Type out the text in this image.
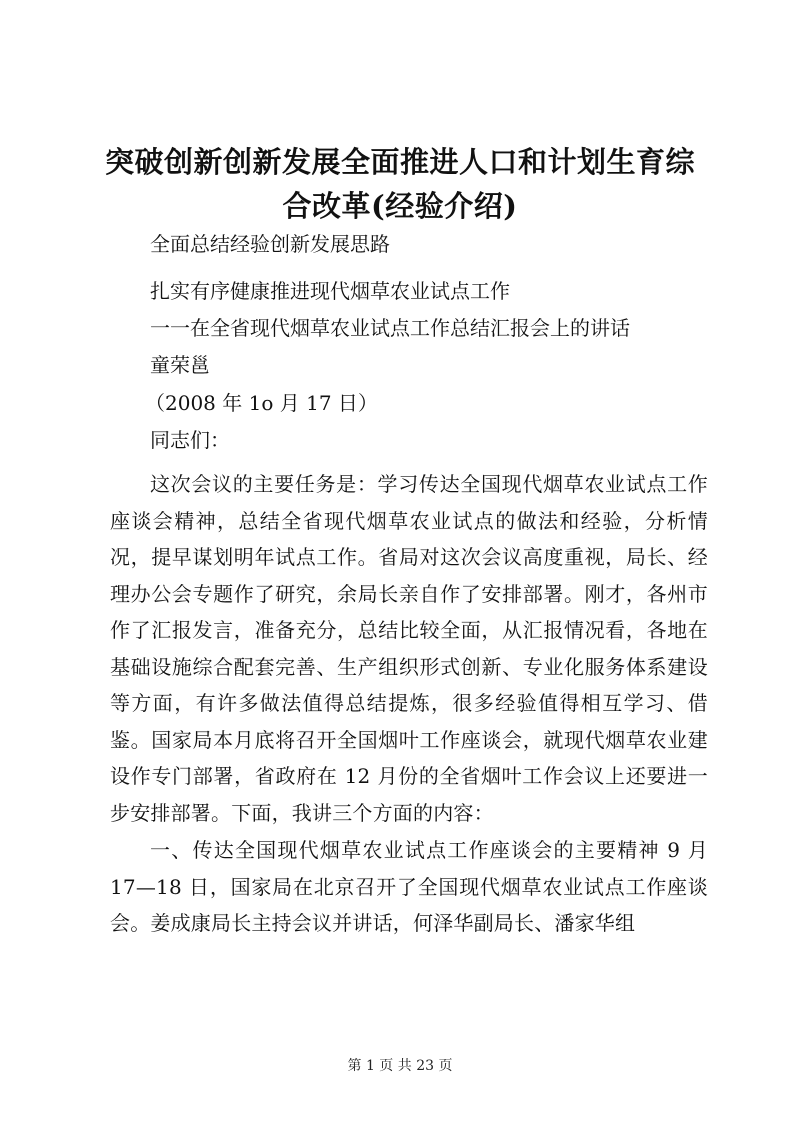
突破创新创新发展全面推进人口和计划生育综合改革(经验介绍)

全面总结经验创新发展思路

扎实有序健康推进现代烟草农业试点工作

一一在全省现代烟草农业试点工作总结汇报会上的讲话

童荣邕

（2008 年 1o 月 17 日）

同志们：

这次会议的主要任务是：学习传达全国现代烟草农业试点工作座谈会精神，总结全省现代烟草农业试点的做法和经验，分析情况，提早谋划明年试点工作。省局对这次会议高度重视，局长、经理办公会专题作了研究，余局长亲自作了安排部署。刚才，各州市作了汇报发言，准备充分，总结比较全面，从汇报情况看，各地在基础设施综合配套完善、生产组织形式创新、专业化服务体系建设等方面，有许多做法值得总结提炼，很多经验值得相互学习、借鉴。国家局本月底将召开全国烟叶工作座谈会，就现代烟草农业建设作专门部署，省政府在 12 月份的全省烟叶工作会议上还要进一步安排部署。下面，我讲三个方面的内容：

一、传达全国现代烟草农业试点工作座谈会的主要精神 9 月 17—18 日，国家局在北京召开了全国现代烟草农业试点工作座谈会。姜成康局长主持会议并讲话，何泽华副局长、潘家华组

第 1 页 共 23 页
